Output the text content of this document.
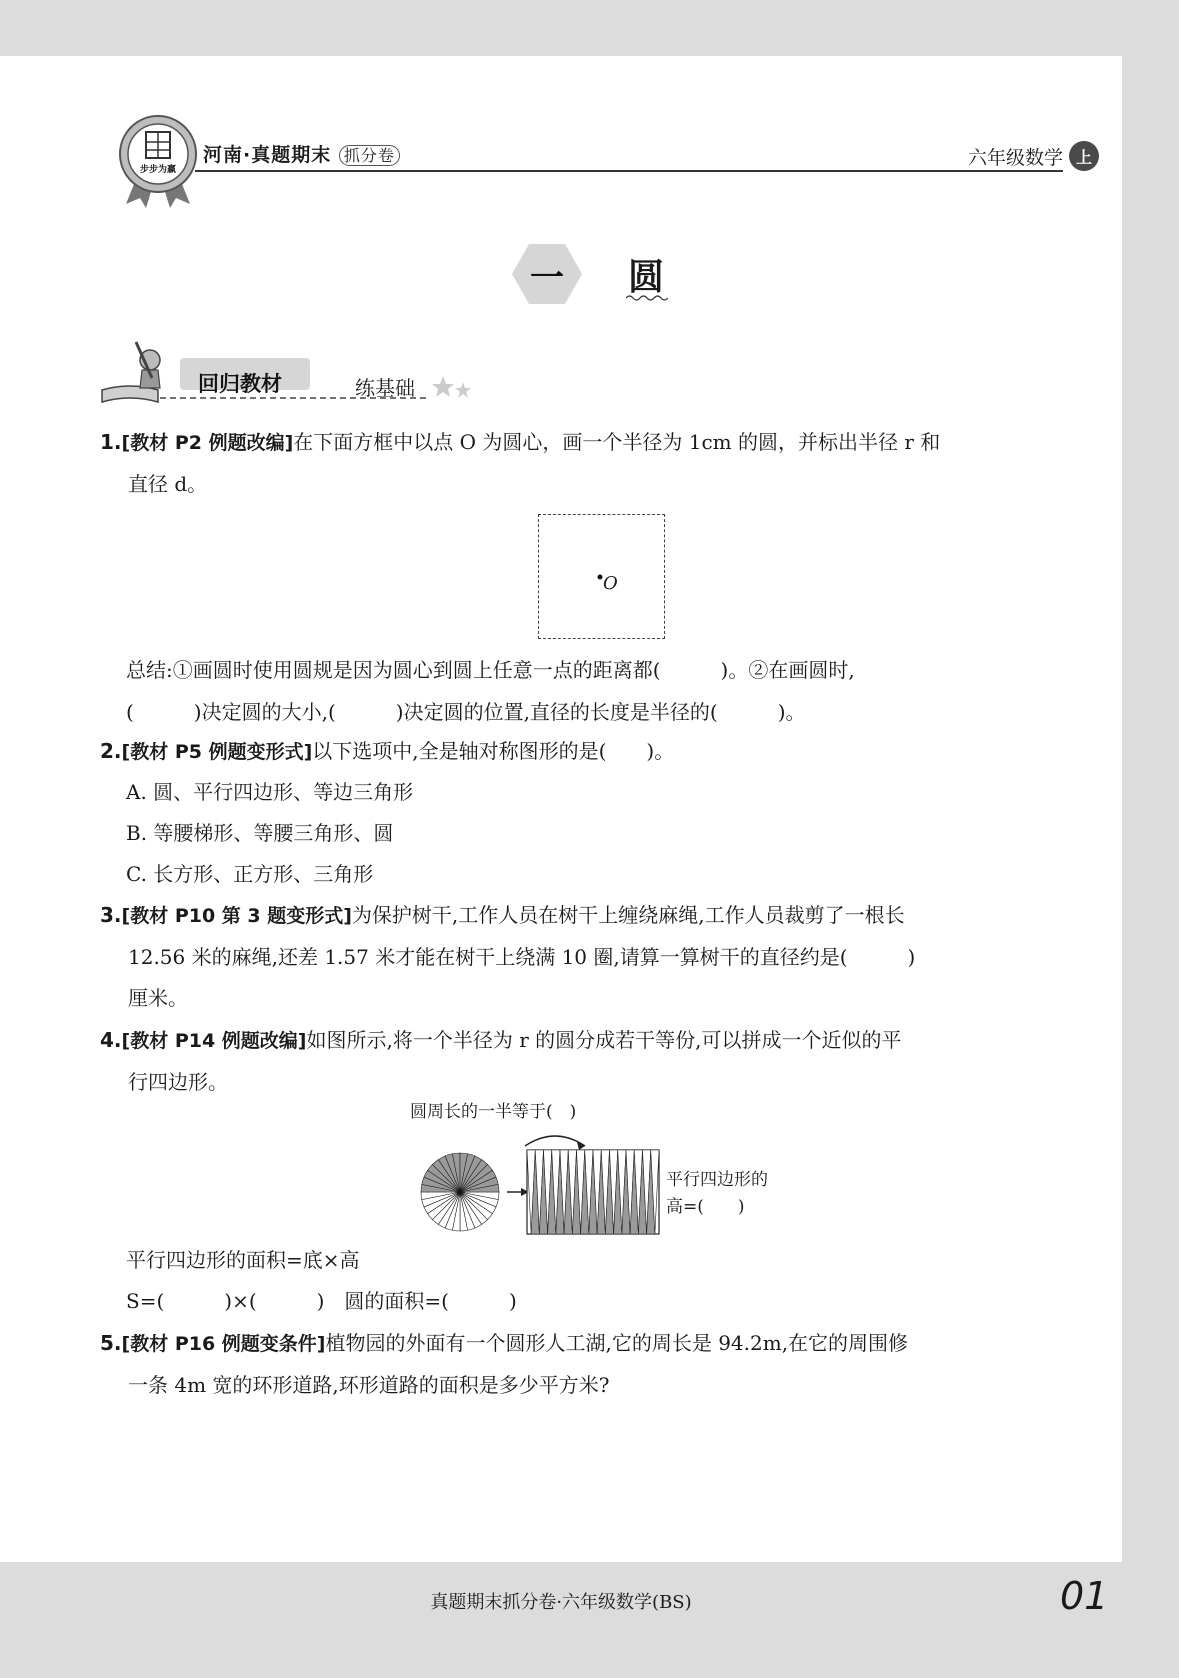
步步为赢
河南·真题期末 抓分卷	六年级数学 上
一	圆
回归教材	练基础
1.[教材 P2 例题改编]在下面方框中以点 O 为圆心，画一个半径为 1cm 的圆，并标出半径 r 和
直径 d。
O
总结:①画圆时使用圆规是因为圆心到圆上任意一点的距离都(　　　)。②在画圆时,
(　　　)决定圆的大小,(　　　)决定圆的位置,直径的长度是半径的(　　　)。
2.[教材 P5 例题变形式]以下选项中,全是轴对称图形的是(　　)。
A. 圆、平行四边形、等边三角形
B. 等腰梯形、等腰三角形、圆
C. 长方形、正方形、三角形
3.[教材 P10 第 3 题变形式]为保护树干,工作人员在树干上缠绕麻绳,工作人员裁剪了一根长
12.56 米的麻绳,还差 1.57 米才能在树干上绕满 10 圈,请算一算树干的直径约是(　　　)
厘米。
4.[教材 P14 例题改编]如图所示,将一个半径为 r 的圆分成若干等份,可以拼成一个近似的平
行四边形。
圆周长的一半等于(　)
平行四边形的
高=(　　)
平行四边形的面积=底×高
S=(　　　)×(　　　)　圆的面积=(　　　)
5.[教材 P16 例题变条件]植物园的外面有一个圆形人工湖,它的周长是 94.2m,在它的周围修
一条 4m 宽的环形道路,环形道路的面积是多少平方米?
真题期末抓分卷·六年级数学(BS)	01
